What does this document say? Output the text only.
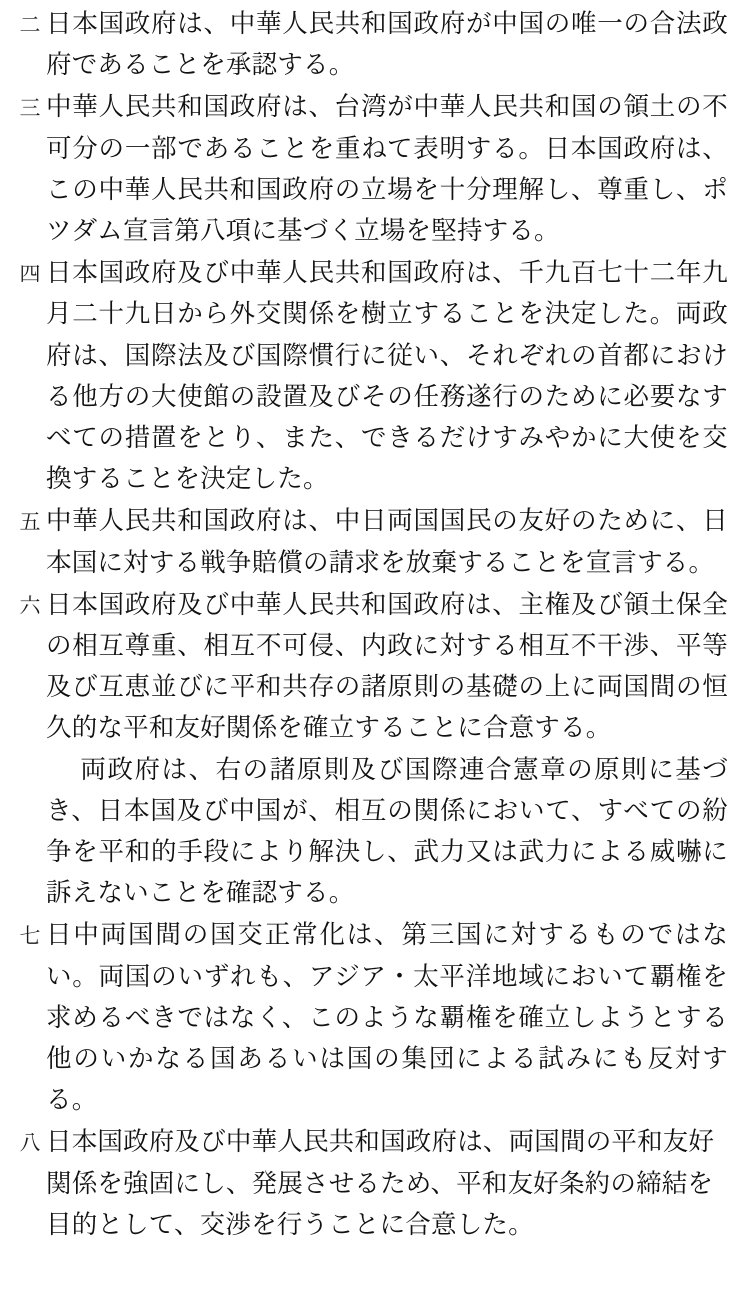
二 日本国政府は、中華人民共和国政府が中国の唯一の合法政府であることを承認する。

三 中華人民共和国政府は、台湾が中華人民共和国の領土の不可分の一部であることを重ねて表明する。日本国政府は、この中華人民共和国政府の立場を十分理解し、尊重し、ポツダム宣言第八項に基づく立場を堅持する。

四 日本国政府及び中華人民共和国政府は、千九百七十二年九月二十九日から外交関係を樹立することを決定した。両政府は、国際法及び国際慣行に従い、それぞれの首都における他方の大使館の設置及びその任務遂行のために必要なすべての措置をとり、また、できるだけすみやかに大使を交換することを決定した。

五 中華人民共和国政府は、中日両国国民の友好のために、日本国に対する戦争賠償の請求を放棄することを宣言する。

六 日本国政府及び中華人民共和国政府は、主権及び領土保全の相互尊重、相互不可侵、内政に対する相互不干渉、平等及び互恵並びに平和共存の諸原則の基礎の上に両国間の恒久的な平和友好関係を確立することに合意する。

両政府は、右の諸原則及び国際連合憲章の原則に基づき、日本国及び中国が、相互の関係において、すべての紛争を平和的手段により解決し、武力又は武力による威嚇に訴えないことを確認する。

七 日中両国間の国交正常化は、第三国に対するものではない。両国のいずれも、アジア・太平洋地域において覇権を求めるべきではなく、このような覇権を確立しようとする他のいかなる国あるいは国の集団による試みにも反対する。

八 日本国政府及び中華人民共和国政府は、両国間の平和友好関係を強固にし、発展させるため、平和友好条約の締結を目的として、交渉を行うことに合意した。
